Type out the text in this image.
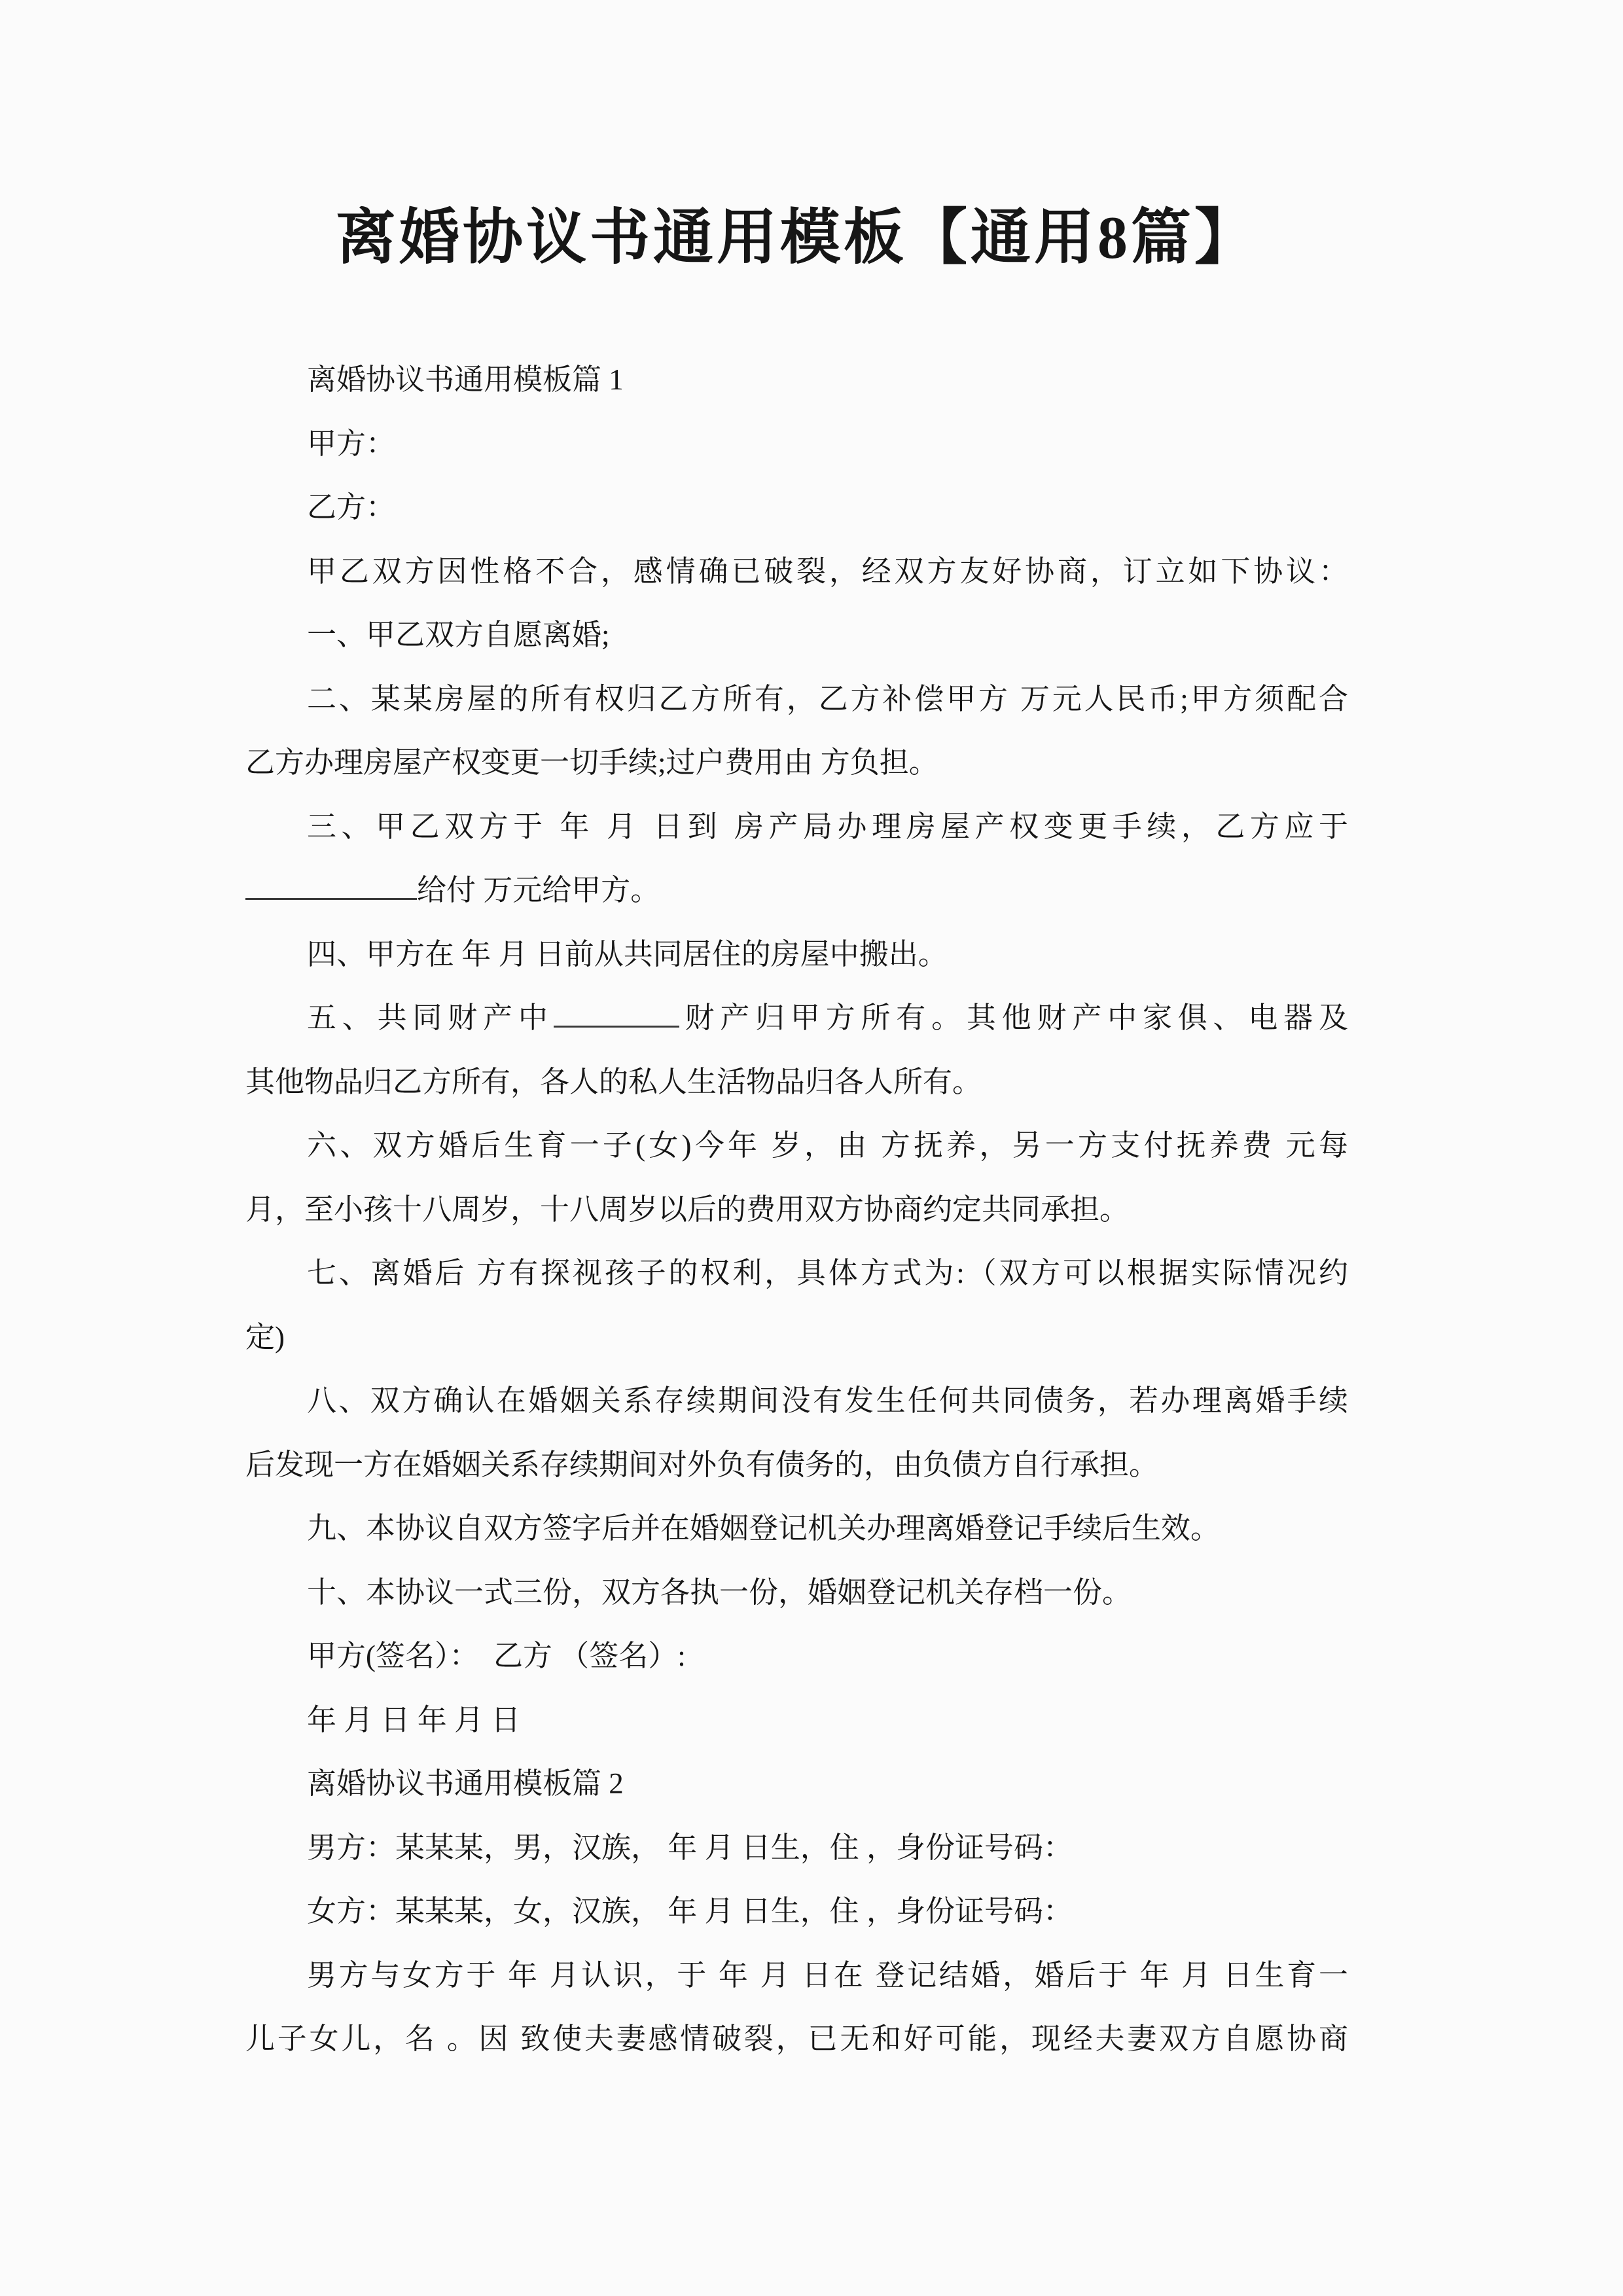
离婚协议书通用模板【通用8篇】
离婚协议书通用模板篇 1
甲方：
乙方：
甲乙双方因性格不合，感情确已破裂，经双方友好协商，订立如下协议：
一、甲乙双方自愿离婚;
二、某某房屋的所有权归乙方所有，乙方补偿甲方 万元人民币;甲方须配合
乙方办理房屋产权变更一切手续;过户费用由 方负担。
三、甲乙双方于 年 月 日到 房产局办理房屋产权变更手续，乙方应于
给付 万元给甲方。
四、甲方在 年 月 日前从共同居住的房屋中搬出。
五、共同财产中	财产归甲方所有。其他财产中家俱、电器及
其他物品归乙方所有，各人的私人生活物品归各人所有。
六、双方婚后生育一子(女)今年 岁，由 方抚养，另一方支付抚养费 元每
月，至小孩十八周岁，十八周岁以后的费用双方协商约定共同承担。
七、离婚后 方有探视孩子的权利，具体方式为:（双方可以根据实际情况约
定)
八、双方确认在婚姻关系存续期间没有发生任何共同债务，若办理离婚手续
后发现一方在婚姻关系存续期间对外负有债务的，由负债方自行承担。
九、本协议自双方签字后并在婚姻登记机关办理离婚登记手续后生效。
十、本协议一式三份，双方各执一份，婚姻登记机关存档一份。
甲方(签名）：　乙方 （签名）:
年 月 日 年 月 日
离婚协议书通用模板篇 2
男方：某某某，男，汉族， 年 月 日生，住 ，身份证号码：
女方：某某某，女，汉族， 年 月 日生，住 ，身份证号码：
男方与女方于 年 月认识，于 年 月 日在 登记结婚，婚后于 年 月 日生育一
儿子女儿，名 。因 致使夫妻感情破裂，已无和好可能，现经夫妻双方自愿协商
